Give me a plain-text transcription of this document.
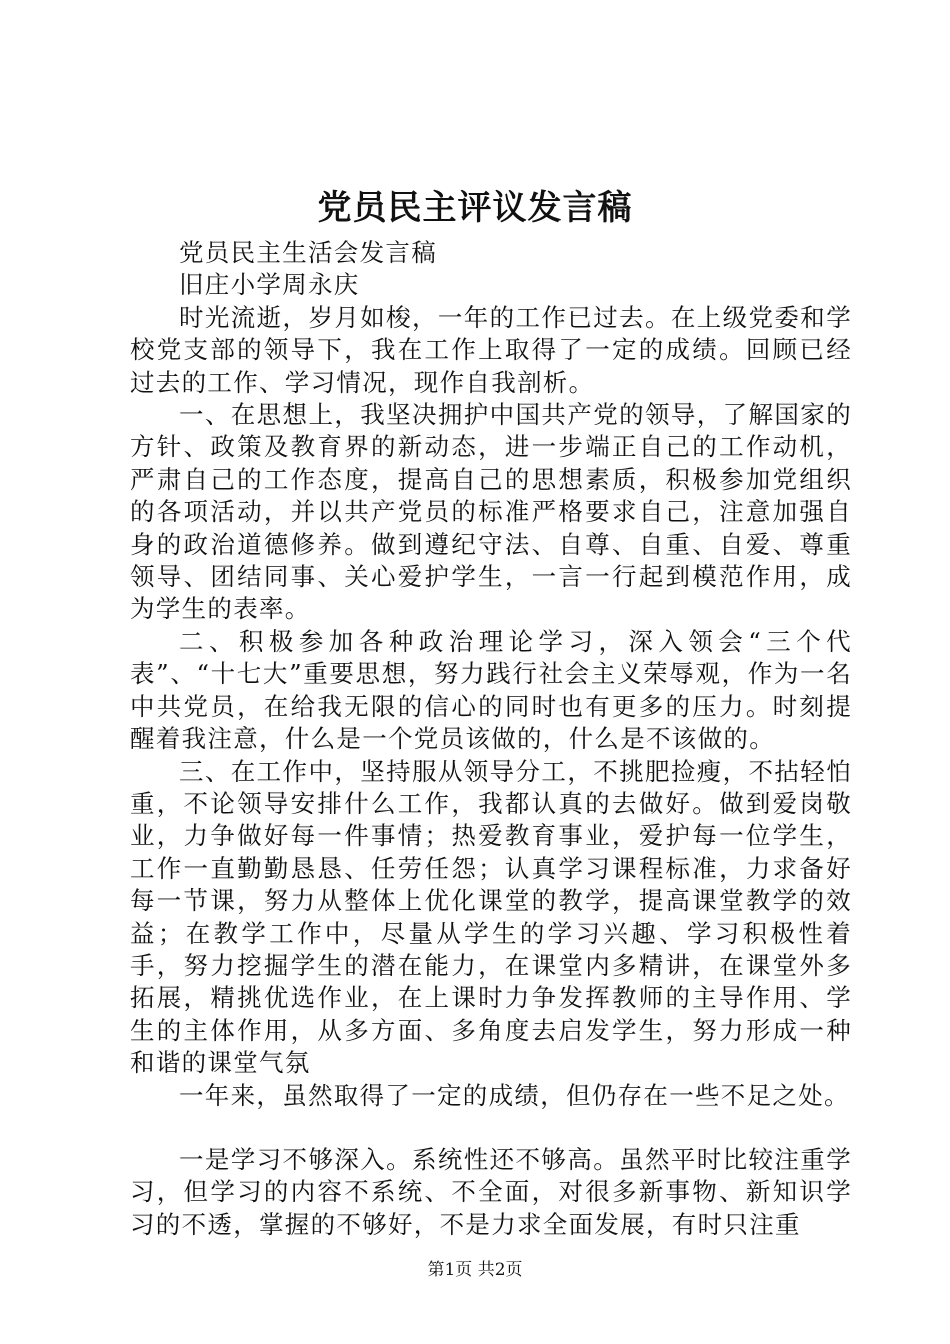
党员民主评议发言稿

党员民主生活会发言稿

旧庄小学周永庆

时光流逝，岁月如梭，一年的工作已过去。在上级党委和学校党支部的领导下，我在工作上取得了一定的成绩。回顾已经过去的工作、学习情况，现作自我剖析。

一、在思想上，我坚决拥护中国共产党的领导，了解国家的方针、政策及教育界的新动态，进一步端正自己的工作动机，严肃自己的工作态度，提高自己的思想素质，积极参加党组织的各项活动，并以共产党员的标准严格要求自己，注意加强自身的政治道德修养。做到遵纪守法、自尊、自重、自爱、尊重领导、团结同事、关心爱护学生，一言一行起到模范作用，成为学生的表率。

二、积极参加各种政治理论学习，深入领会“三个代表”、“十七大”重要思想，努力践行社会主义荣辱观，作为一名中共党员，在给我无限的信心的同时也有更多的压力。时刻提醒着我注意，什么是一个党员该做的，什么是不该做的。

三、在工作中，坚持服从领导分工，不挑肥捡瘦，不拈轻怕重，不论领导安排什么工作，我都认真的去做好。做到爱岗敬业，力争做好每一件事情；热爱教育事业，爱护每一位学生，工作一直勤勤恳恳、任劳任怨；认真学习课程标准，力求备好每一节课，努力从整体上优化课堂的教学，提高课堂教学的效益；在教学工作中，尽量从学生的学习兴趣、学习积极性着手，努力挖掘学生的潜在能力，在课堂内多精讲，在课堂外多拓展，精挑优选作业，在上课时力争发挥教师的主导作用、学生的主体作用，从多方面、多角度去启发学生，努力形成一种和谐的课堂气氛

一年来，虽然取得了一定的成绩，但仍存在一些不足之处。

一是学习不够深入。系统性还不够高。虽然平时比较注重学习，但学习的内容不系统、不全面，对很多新事物、新知识学习的不透，掌握的不够好，不是力求全面发展，有时只注重

第1页 共2页
